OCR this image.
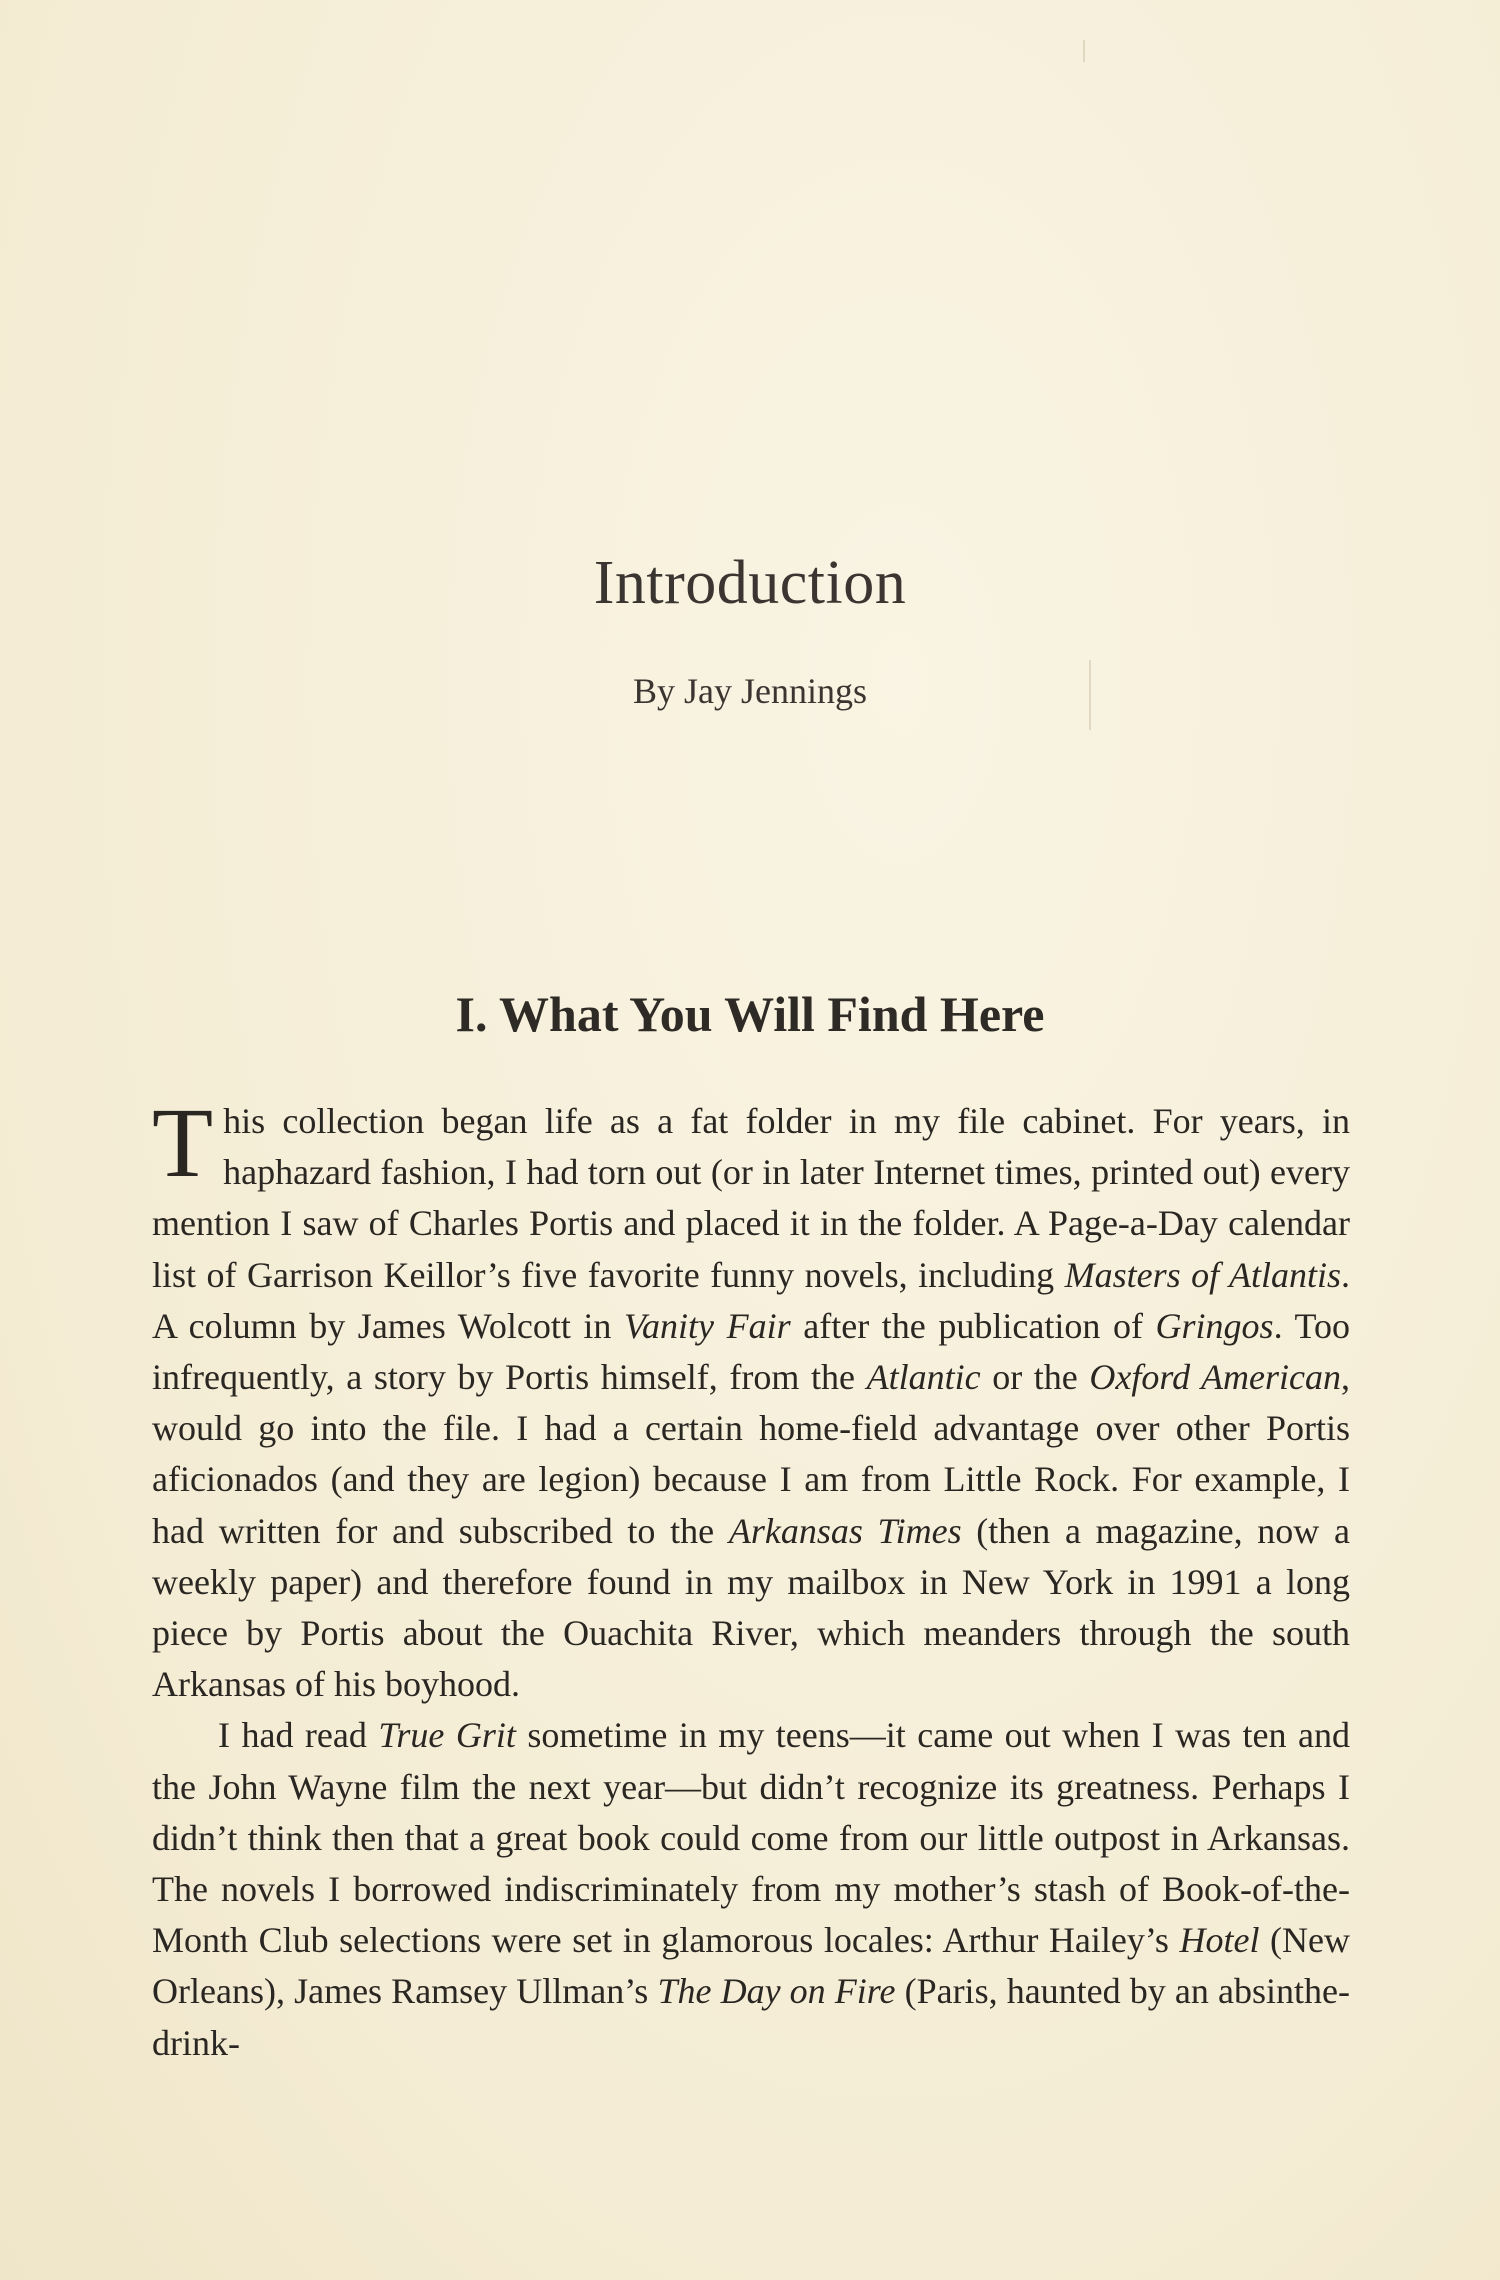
Introduction
By Jay Jennings
I. What You Will Find Here

This collection began life as a fat folder in my file cabinet. For years, in haphazard fashion, I had torn out (or in later Internet times, printed out) every mention I saw of Charles Portis and placed it in the folder. A Page-a-Day calendar list of Garrison Keillor’s five favorite funny novels, including Masters of Atlantis. A column by James Wolcott in Vanity Fair after the publication of Gringos. Too infrequently, a story by Portis himself, from the Atlantic or the Oxford American, would go into the file. I had a certain home-field advantage over other Portis aficionados (and they are legion) because I am from Little Rock. For example, I had written for and subscribed to the Arkansas Times (then a magazine, now a weekly paper) and therefore found in my mailbox in New York in 1991 a long piece by Portis about the Ouachita River, which meanders through the south Arkansas of his boyhood.

I had read True Grit sometime in my teens—it came out when I was ten and the John Wayne film the next year—but didn’t recognize its greatness. Perhaps I didn’t think then that a great book could come from our little outpost in Arkansas. The novels I borrowed indiscriminately from my mother’s stash of Book-of-the-Month Club selections were set in glamorous locales: Arthur Hailey’s Hotel (New Orleans), James Ramsey Ullman’s The Day on Fire (Paris, haunted by an absinthe-drink-
